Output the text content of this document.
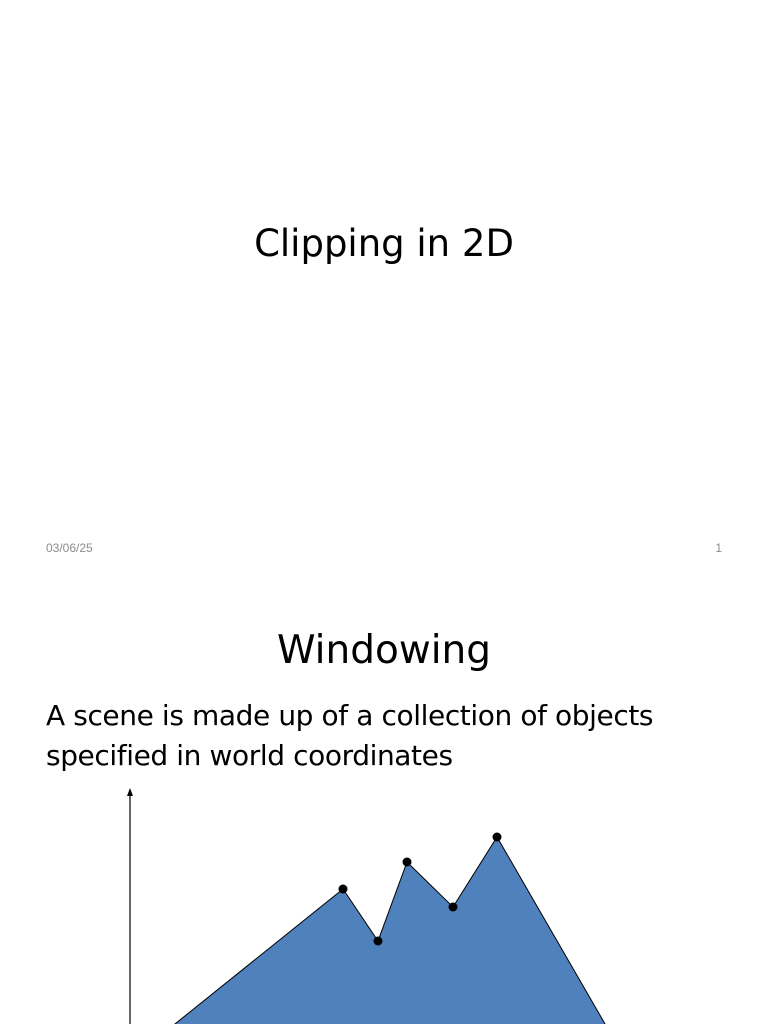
Clipping in 2D
03/06/25	1
Windowing
A scene is made up of a collection of objects
specified in world coordinates
